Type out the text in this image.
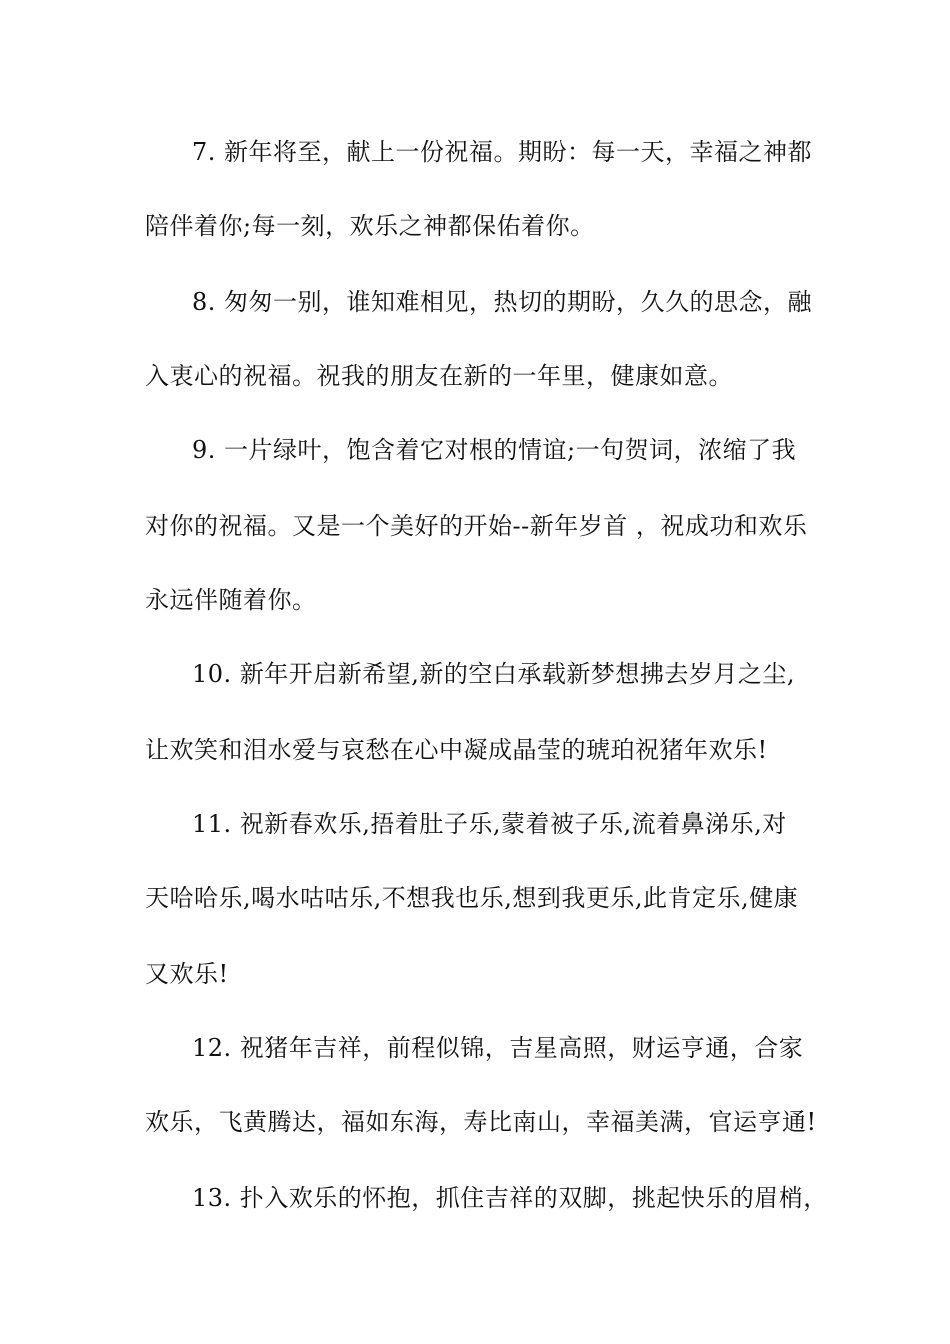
7. 新年将至，献上一份祝福。期盼：每一天，幸福之神都
陪伴着你;每一刻，欢乐之神都保佑着你。
8. 匆匆一别，谁知难相见，热切的期盼，久久的思念，融
入衷心的祝福。祝我的朋友在新的一年里，健康如意。
9. 一片绿叶，饱含着它对根的情谊;一句贺词，浓缩了我
对你的祝福。又是一个美好的开始--新年岁首 ，祝成功和欢乐
永远伴随着你。
10. 新年开启新希望,新的空白承载新梦想拂去岁月之尘,
让欢笑和泪水爱与哀愁在心中凝成晶莹的琥珀祝猪年欢乐!
11. 祝新春欢乐,捂着肚子乐,蒙着被子乐,流着鼻涕乐,对
天哈哈乐,喝水咕咕乐,不想我也乐,想到我更乐,此肯定乐,健康
又欢乐!
12. 祝猪年吉祥，前程似锦，吉星高照，财运亨通，合家
欢乐，飞黄腾达，福如东海，寿比南山，幸福美满，官运亨通!
13. 扑入欢乐的怀抱，抓住吉祥的双脚，挑起快乐的眉梢，
